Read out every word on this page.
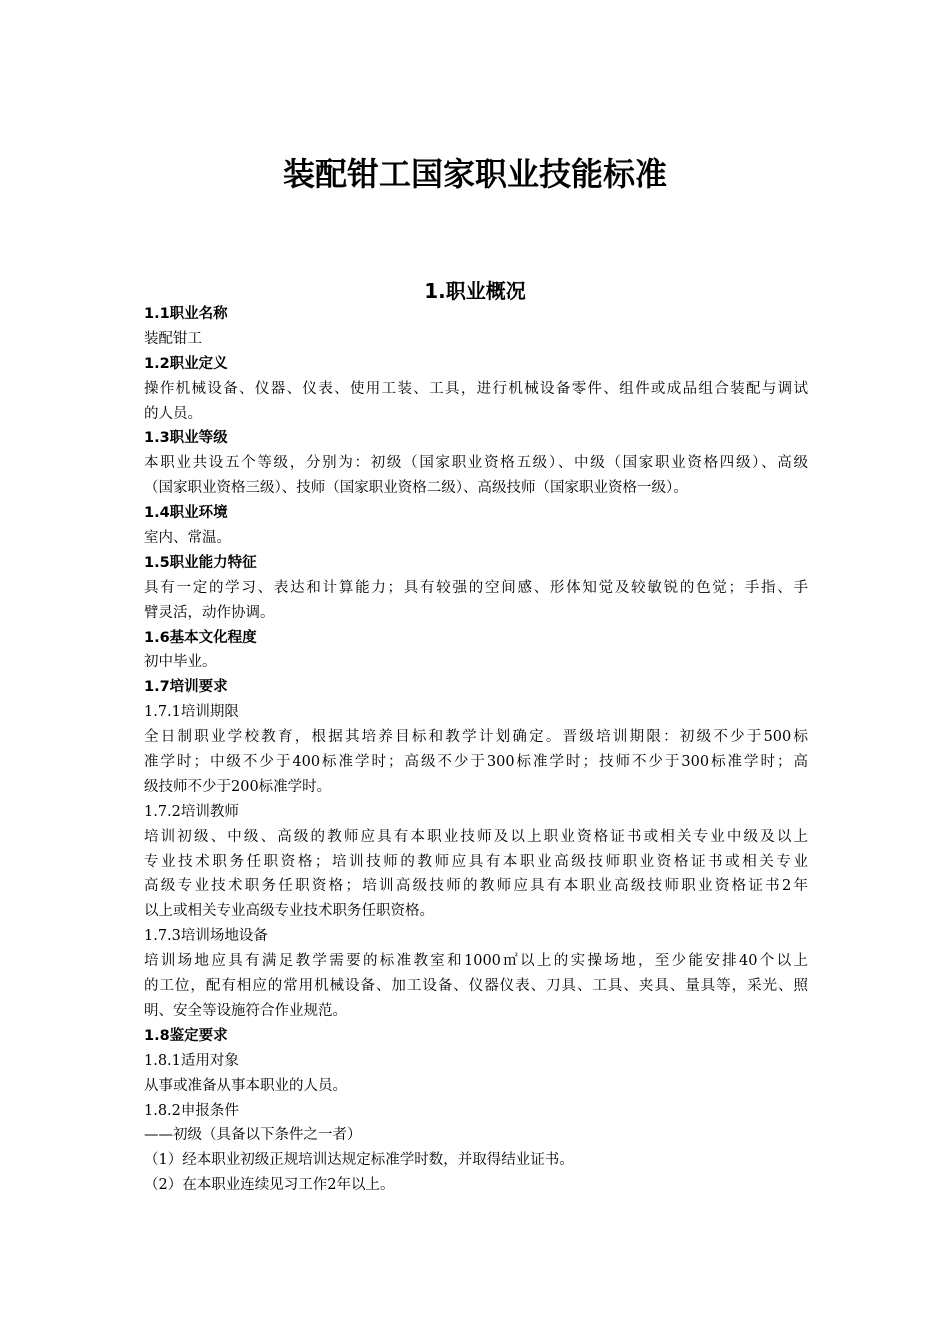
装配钳工国家职业技能标准
1.职业概况
1.1职业名称
装配钳工
1.2职业定义
操作机械设备、仪器、仪表、使用工装、工具，进行机械设备零件、组件或成品组合装配与调试
的人员。
1.3职业等级
本职业共设五个等级，分别为：初级（国家职业资格五级）、中级（国家职业资格四级）、高级
（国家职业资格三级）、技师（国家职业资格二级）、高级技师（国家职业资格一级）。
1.4职业环境
室内、常温。
1.5职业能力特征
具有一定的学习、表达和计算能力；具有较强的空间感、形体知觉及较敏锐的色觉；手指、手
臂灵活，动作协调。
1.6基本文化程度
初中毕业。
1.7培训要求
1.7.1培训期限
全日制职业学校教育，根据其培养目标和教学计划确定。晋级培训期限：初级不少于500标
准学时；中级不少于400标准学时；高级不少于300标准学时；技师不少于300标准学时；高
级技师不少于200标准学时。
1.7.2培训教师
培训初级、中级、高级的教师应具有本职业技师及以上职业资格证书或相关专业中级及以上
专业技术职务任职资格；培训技师的教师应具有本职业高级技师职业资格证书或相关专业
高级专业技术职务任职资格；培训高级技师的教师应具有本职业高级技师职业资格证书2年
以上或相关专业高级专业技术职务任职资格。
1.7.3培训场地设备
培训场地应具有满足教学需要的标准教室和1000㎡以上的实操场地，至少能安排40个以上
的工位，配有相应的常用机械设备、加工设备、仪器仪表、刀具、工具、夹具、量具等，采光、照
明、安全等设施符合作业规范。
1.8鉴定要求
1.8.1适用对象
从事或准备从事本职业的人员。
1.8.2申报条件
——初级（具备以下条件之一者）
（1）经本职业初级正规培训达规定标准学时数，并取得结业证书。
（2）在本职业连续见习工作2年以上。
